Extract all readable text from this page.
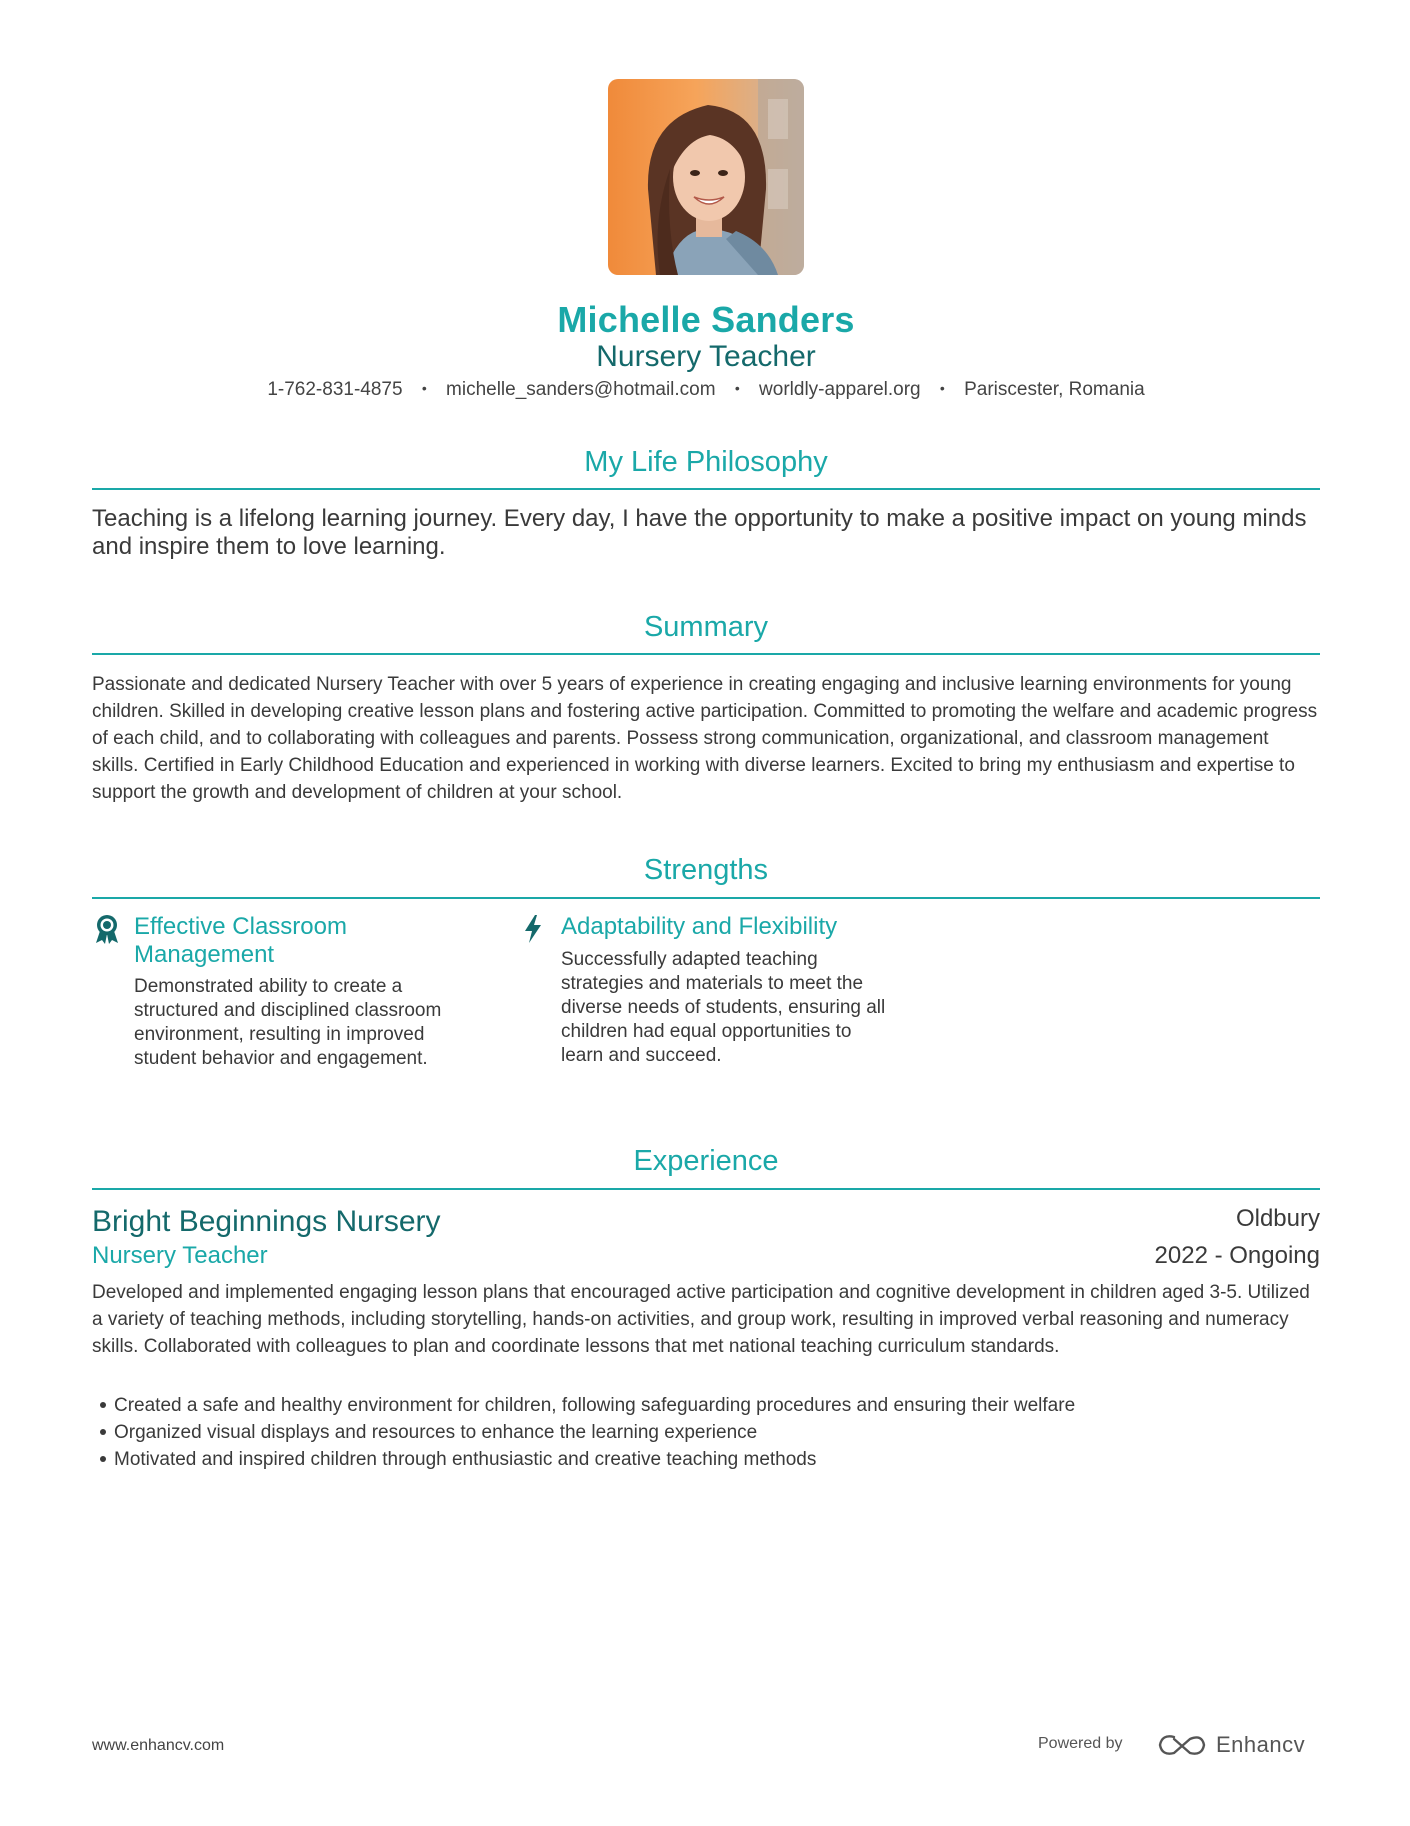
Michelle Sanders
Nursery Teacher
1-762-831-4875 • michelle_sanders@hotmail.com • worldly-apparel.org • Pariscester, Romania
My Life Philosophy
Teaching is a lifelong learning journey. Every day, I have the opportunity to make a positive impact on young minds and inspire them to love learning.
Summary
Passionate and dedicated Nursery Teacher with over 5 years of experience in creating engaging and inclusive learning environments for young children. Skilled in developing creative lesson plans and fostering active participation. Committed to promoting the welfare and academic progress of each child, and to collaborating with colleagues and parents. Possess strong communication, organizational, and classroom management skills. Certified in Early Childhood Education and experienced in working with diverse learners. Excited to bring my enthusiasm and expertise to support the growth and development of children at your school.
Strengths
Effective Classroom Management
Demonstrated ability to create a structured and disciplined classroom environment, resulting in improved student behavior and engagement.
Adaptability and Flexibility
Successfully adapted teaching strategies and materials to meet the diverse needs of students, ensuring all children had equal opportunities to learn and succeed.
Experience
Bright Beginnings Nursery	Oldbury
Nursery Teacher	2022 - Ongoing
Developed and implemented engaging lesson plans that encouraged active participation and cognitive development in children aged 3-5. Utilized a variety of teaching methods, including storytelling, hands-on activities, and group work, resulting in improved verbal reasoning and numeracy skills. Collaborated with colleagues to plan and coordinate lessons that met national teaching curriculum standards.
Created a safe and healthy environment for children, following safeguarding procedures and ensuring their welfare
Organized visual displays and resources to enhance the learning experience
Motivated and inspired children through enthusiastic and creative teaching methods
www.enhancv.com	Powered by	Enhancv
